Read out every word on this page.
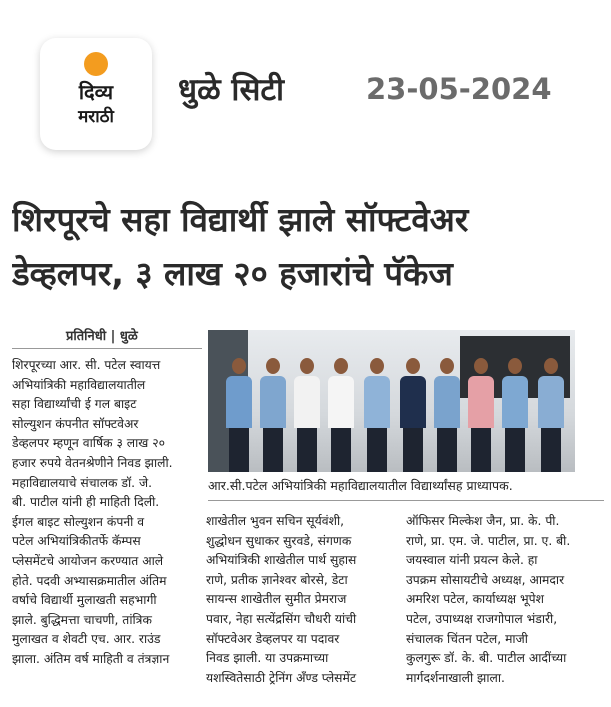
दिव्य
मराठी
धुळे सिटी	23-05-2024
शिरपूरचे सहा विद्यार्थी झाले सॉफ्टवेअर
डेव्हलपर, ३ लाख २० हजारांचे पॅकेज
प्रतिनिधी | धुळे
शिरपूरच्या आर. सी. पटेल स्वायत्त
अभियांत्रिकी महाविद्यालयातील
सहा विद्यार्थ्यांची ई गल बाइट
सोल्युशन कंपनीत सॉफ्टवेअर
डेव्हलपर म्हणून वार्षिक ३ लाख २०
हजार रुपये वेतनश्रेणीने निवड झाली.
महाविद्यालयाचे संचालक डॉ. जे.
बी. पाटील यांनी ही माहिती दिली.
ईगल बाइट सोल्युशन कंपनी व
पटेल अभियांत्रिकीतर्फे कॅम्पस
प्लेसमेंटचे आयोजन करण्यात आले
होते. पदवी अभ्यासक्रमातील अंतिम
वर्षाचे विद्यार्थी मुलाखती सहभागी
झाले. बुद्धिमत्ता चाचणी, तांत्रिक
मुलाखत व शेवटी एच. आर. राउंड
झाला. अंतिम वर्ष माहिती व तंत्रज्ञान
आर.सी.पटेल अभियांत्रिकी महाविद्यालयातील विद्यार्थ्यांसह प्राध्यापक.
शाखेतील भुवन सचिन सूर्यवंशी,
शुद्धोधन सुधाकर सुरवडे, संगणक
अभियांत्रिकी शाखेतील पार्थ सुहास
राणे, प्रतीक ज्ञानेश्वर बोरसे, डेटा
सायन्स शाखेतील सुमीत प्रेमराज
पवार, नेहा सत्येंद्रसिंग चौधरी यांची
सॉफ्टवेअर डेव्हलपर या पदावर
निवड झाली. या उपक्रमाच्या
यशस्वितेसाठी ट्रेनिंग अँण्ड प्लेसमेंट
ऑफिसर मिल्केश जैन, प्रा. के. पी.
राणे, प्रा. एम. जे. पाटील, प्रा. ए. बी.
जयस्वाल यांनी प्रयत्न केले. हा
उपक्रम सोसायटीचे अध्यक्ष, आमदार
अमरिश पटेल, कार्याध्यक्ष भूपेश
पटेल, उपाध्यक्ष राजगोपाल भंडारी,
संचालक चिंतन पटेल, माजी
कुलगुरू डॉ. के. बी. पाटील आदींच्या
मार्गदर्शनाखाली झाला.
